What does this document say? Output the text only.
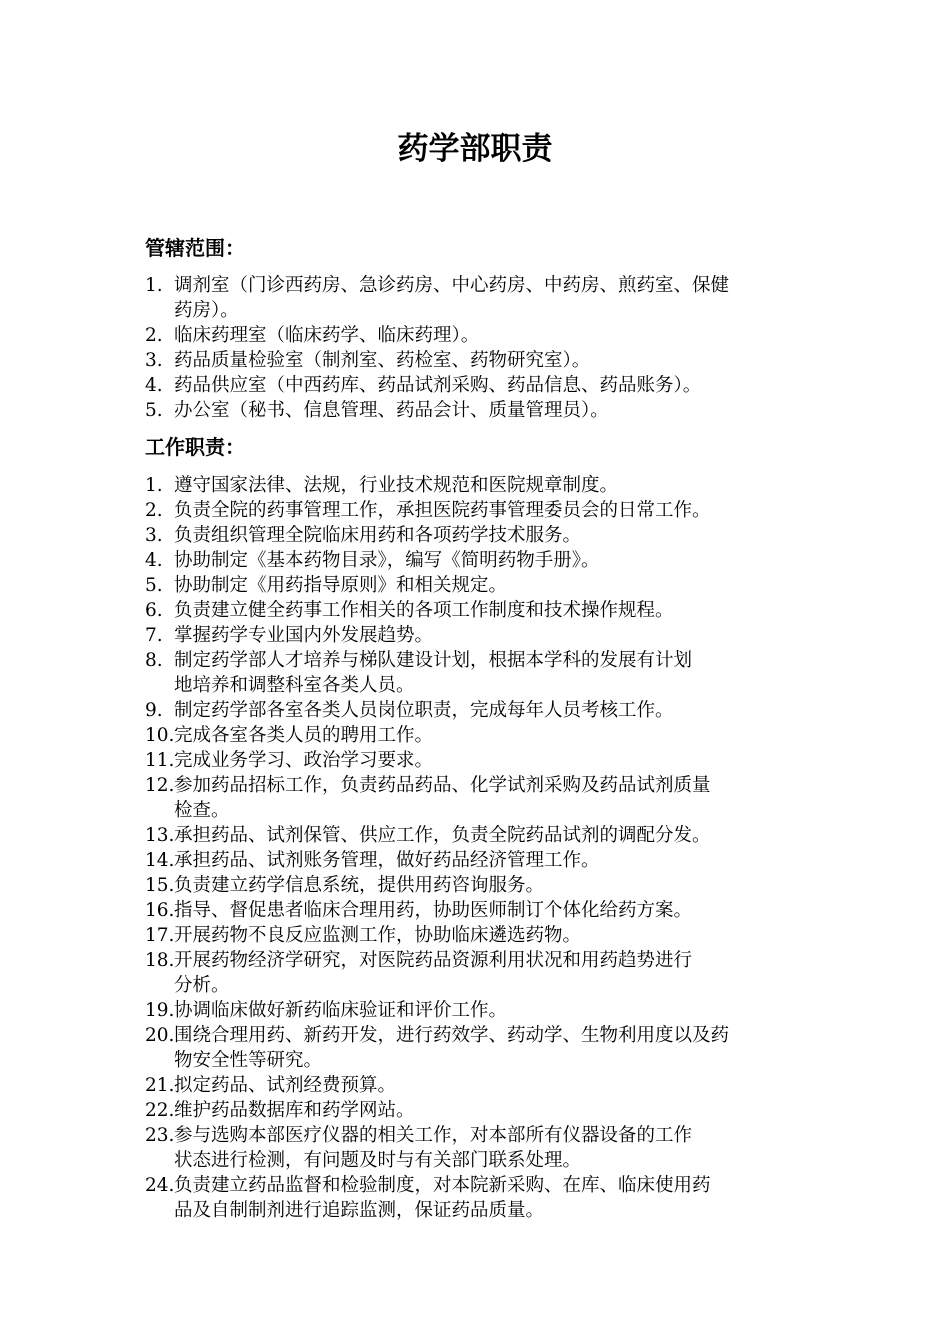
药学部职责
管辖范围：
1. 调剂室（门诊西药房、急诊药房、中心药房、中药房、煎药室、保健
药房）。
2. 临床药理室（临床药学、临床药理）。
3. 药品质量检验室（制剂室、药检室、药物研究室）。
4. 药品供应室（中西药库、药品试剂采购、药品信息、药品账务）。
5. 办公室（秘书、信息管理、药品会计、质量管理员）。
工作职责：
1. 遵守国家法律、法规，行业技术规范和医院规章制度。
2. 负责全院的药事管理工作，承担医院药事管理委员会的日常工作。
3. 负责组织管理全院临床用药和各项药学技术服务。
4. 协助制定《基本药物目录》，编写《简明药物手册》。
5. 协助制定《用药指导原则》和相关规定。
6. 负责建立健全药事工作相关的各项工作制度和技术操作规程。
7. 掌握药学专业国内外发展趋势。
8. 制定药学部人才培养与梯队建设计划，根据本学科的发展有计划
地培养和调整科室各类人员。
9. 制定药学部各室各类人员岗位职责，完成每年人员考核工作。
10. 完成各室各类人员的聘用工作。
11. 完成业务学习、政治学习要求。
12. 参加药品招标工作，负责药品药品、化学试剂采购及药品试剂质量
检查。
13. 承担药品、试剂保管、供应工作，负责全院药品试剂的调配分发。
14. 承担药品、试剂账务管理，做好药品经济管理工作。
15. 负责建立药学信息系统，提供用药咨询服务。
16. 指导、督促患者临床合理用药，协助医师制订个体化给药方案。
17. 开展药物不良反应监测工作，协助临床遴选药物。
18. 开展药物经济学研究，对医院药品资源利用状况和用药趋势进行
分析。
19. 协调临床做好新药临床验证和评价工作。
20. 围绕合理用药、新药开发，进行药效学、药动学、生物利用度以及药
物安全性等研究。
21. 拟定药品、试剂经费预算。
22. 维护药品数据库和药学网站。
23. 参与选购本部医疗仪器的相关工作，对本部所有仪器设备的工作
状态进行检测，有问题及时与有关部门联系处理。
24. 负责建立药品监督和检验制度，对本院新采购、在库、临床使用药
品及自制制剂进行追踪监测，保证药品质量。
